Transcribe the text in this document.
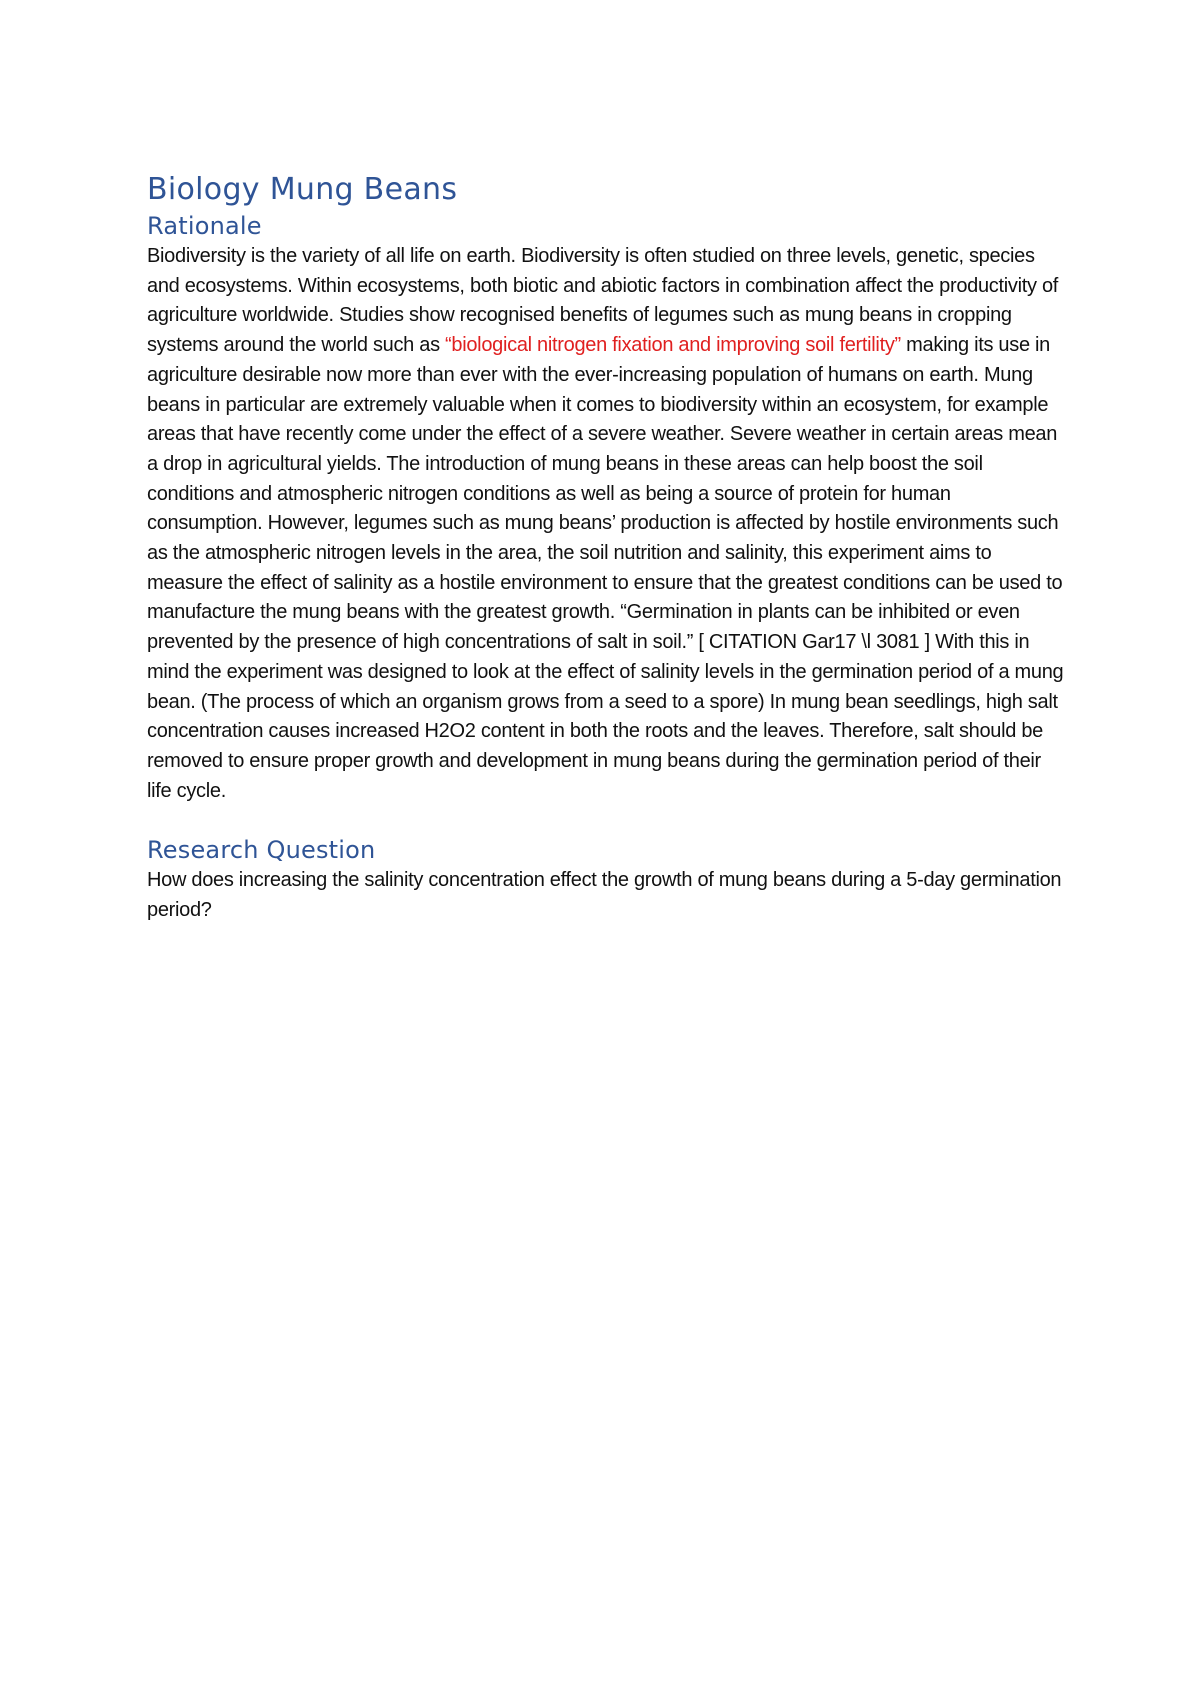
Biology Mung Beans
Rationale

Biodiversity is the variety of all life on earth. Biodiversity is often studied on three levels, genetic, species and ecosystems. Within ecosystems, both biotic and abiotic factors in combination affect the productivity of agriculture worldwide. Studies show recognised benefits of legumes such as mung beans in cropping systems around the world such as “biological nitrogen fixation and improving soil fertility” making its use in agriculture desirable now more than ever with the ever-increasing population of humans on earth. Mung beans in particular are extremely valuable when it comes to biodiversity within an ecosystem, for example areas that have recently come under the effect of a severe weather. Severe weather in certain areas mean a drop in agricultural yields. The introduction of mung beans in these areas can help boost the soil conditions and atmospheric nitrogen conditions as well as being a source of protein for human consumption. However, legumes such as mung beans’ production is affected by hostile environments such as the atmospheric nitrogen levels in the area, the soil nutrition and salinity, this experiment aims to measure the effect of salinity as a hostile environment to ensure that the greatest conditions can be used to manufacture the mung beans with the greatest growth. “Germination in plants can be inhibited or even prevented by the presence of high concentrations of salt in soil.” [ CITATION Gar17 \l 3081 ] With this in mind the experiment was designed to look at the effect of salinity levels in the germination period of a mung bean. (The process of which an organism grows from a seed to a spore) In mung bean seedlings, high salt concentration causes increased H2O2 content in both the roots and the leaves. Therefore, salt should be removed to ensure proper growth and development in mung beans during the germination period of their life cycle.

Research Question

How does increasing the salinity concentration effect the growth of mung beans during a 5-day germination period?
